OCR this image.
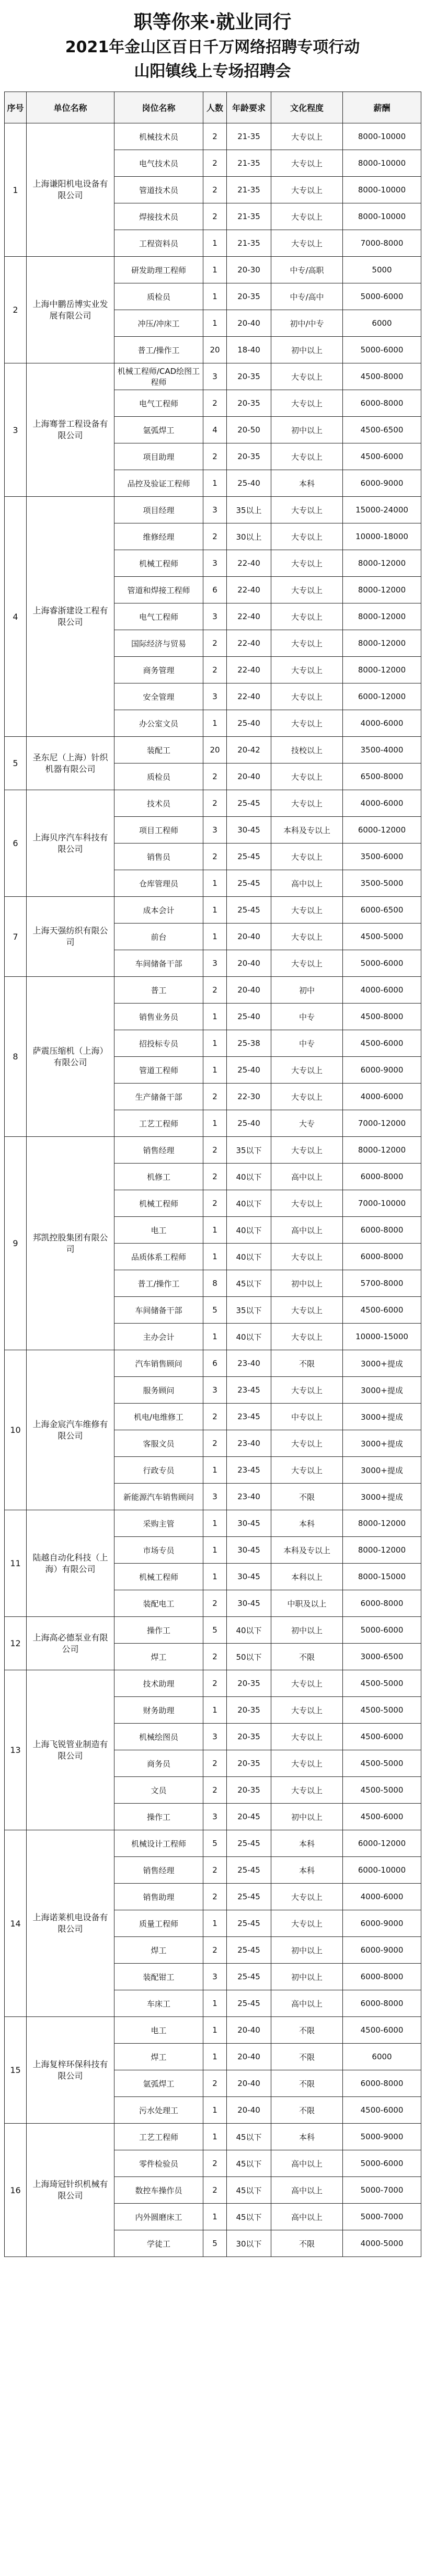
职等你来·就业同行
2021年金山区百日千万网络招聘专项行动
山阳镇线上专场招聘会
序号	单位名称	岗位名称	人数	年龄要求	文化程度	薪酬
1	上海谦阳机电设备有限公司	机械技术员	2	21-35	大专以上	8000-10000
		电气技术员	2	21-35	大专以上	8000-10000
		管道技术员	2	21-35	大专以上	8000-10000
		焊接技术员	2	21-35	大专以上	8000-10000
		工程资料员	1	21-35	大专以上	7000-8000
2	上海中鹏岳博实业发展有限公司	研发助理工程师	1	20-30	中专/高职	5000
		质检员	1	20-35	中专/高中	5000-6000
		冲压/冲床工	1	20-40	初中/中专	6000
		普工/操作工	20	18-40	初中以上	5000-6000
3	上海骞誉工程设备有限公司	机械工程师/CAD绘图工程师	3	20-35	大专以上	4500-8000
		电气工程师	2	20-35	大专以上	6000-8000
		氩弧焊工	4	20-50	初中以上	4500-6500
		项目助理	2	20-35	大专以上	4500-6000
		品控及验证工程师	1	25-40	本科	6000-9000
4	上海睿浙建设工程有限公司	项目经理	3	35以上	大专以上	15000-24000
		维修经理	2	30以上	大专以上	10000-18000
		机械工程师	3	22-40	大专以上	8000-12000
		管道和焊接工程师	6	22-40	大专以上	8000-12000
		电气工程师	3	22-40	大专以上	8000-12000
		国际经济与贸易	2	22-40	大专以上	8000-12000
		商务管理	2	22-40	大专以上	8000-12000
		安全管理	3	22-40	大专以上	6000-12000
		办公室文员	1	25-40	大专以上	4000-6000
5	圣东尼（上海）针织机器有限公司	装配工	20	20-42	技校以上	3500-4000
		质检员	2	20-40	大专以上	6500-8000
6	上海贝序汽车科技有限公司	技术员	2	25-45	大专以上	4000-6000
		项目工程师	3	30-45	本科及专以上	6000-12000
		销售员	2	25-45	大专以上	3500-6000
		仓库管理员	1	25-45	高中以上	3500-5000
7	上海天强纺织有限公司	成本会计	1	25-45	大专以上	6000-6500
		前台	1	20-40	大专以上	4500-5000
		车间储备干部	3	20-40	大专以上	5000-6000
8	萨震压缩机（上海）有限公司	普工	2	20-40	初中	4000-6000
		销售业务员	1	25-40	中专	4500-8000
		招投标专员	1	25-38	中专	4500-6000
		管道工程师	1	25-40	大专以上	6000-9000
		生产储备干部	2	22-30	大专以上	4000-6000
		工艺工程师	1	25-40	大专	7000-12000
9	邦凯控股集团有限公司	销售经理	2	35以下	大专以上	8000-12000
		机修工	2	40以下	高中以上	6000-8000
		机械工程师	2	40以下	大专以上	7000-10000
		电工	1	40以下	高中以上	6000-8000
		品质体系工程师	1	40以下	大专以上	6000-8000
		普工/操作工	8	45以下	初中以上	5700-8000
		车间储备干部	5	35以下	大专以上	4500-6000
		主办会计	1	40以下	大专以上	10000-15000
10	上海金宸汽车维修有限公司	汽车销售顾问	6	23-40	不限	3000+提成
		服务顾问	3	23-45	大专以上	3000+提成
		机电/电维修工	2	23-45	中专以上	3000+提成
		客服文员	2	23-40	大专以上	3000+提成
		行政专员	1	23-45	大专以上	3000+提成
		新能源汽车销售顾问	3	23-40	不限	3000+提成
11	陆越自动化科技（上海）有限公司	采购主管	1	30-45	本科	8000-12000
		市场专员	1	30-45	本科及专以上	8000-12000
		机械工程师	1	30-45	本科以上	8000-15000
		装配电工	2	30-45	中职及以上	6000-8000
12	上海高必德泵业有限公司	操作工	5	40以下	初中以上	5000-6000
		焊工	2	50以下	不限	3000-6500
13	上海飞锐管业制造有限公司	技术助理	2	20-35	大专以上	4500-5000
		财务助理	1	20-35	大专以上	4500-5000
		机械绘图员	3	20-35	大专以上	4500-6000
		商务员	2	20-35	大专以上	4500-5000
		文员	2	20-35	大专以上	4500-5000
		操作工	3	20-45	初中以上	4500-6000
14	上海诺莱机电设备有限公司	机械设计工程师	5	25-45	本科	6000-12000
		销售经理	2	25-45	本科	6000-10000
		销售助理	2	25-45	大专以上	4000-6000
		质量工程师	1	25-45	大专以上	6000-9000
		焊工	2	25-45	初中以上	6000-9000
		装配钳工	3	25-45	初中以上	6000-8000
		车床工	1	25-45	高中以上	6000-8000
15	上海复梓环保科技有限公司	电工	1	20-40	不限	4500-6000
		焊工	1	20-40	不限	6000
		氩弧焊工	2	20-40	不限	6000-8000
		污水处理工	1	20-40	不限	4500-6000
16	上海琦冠针织机械有限公司	工艺工程师	1	45以下	本科	5000-9000
		零件检验员	2	45以下	高中以上	5000-6000
		数控车操作员	2	45以下	高中以上	5000-7000
		内外圆磨床工	1	45以下	高中以上	5000-7000
		学徒工	5	30以下	不限	4000-5000
